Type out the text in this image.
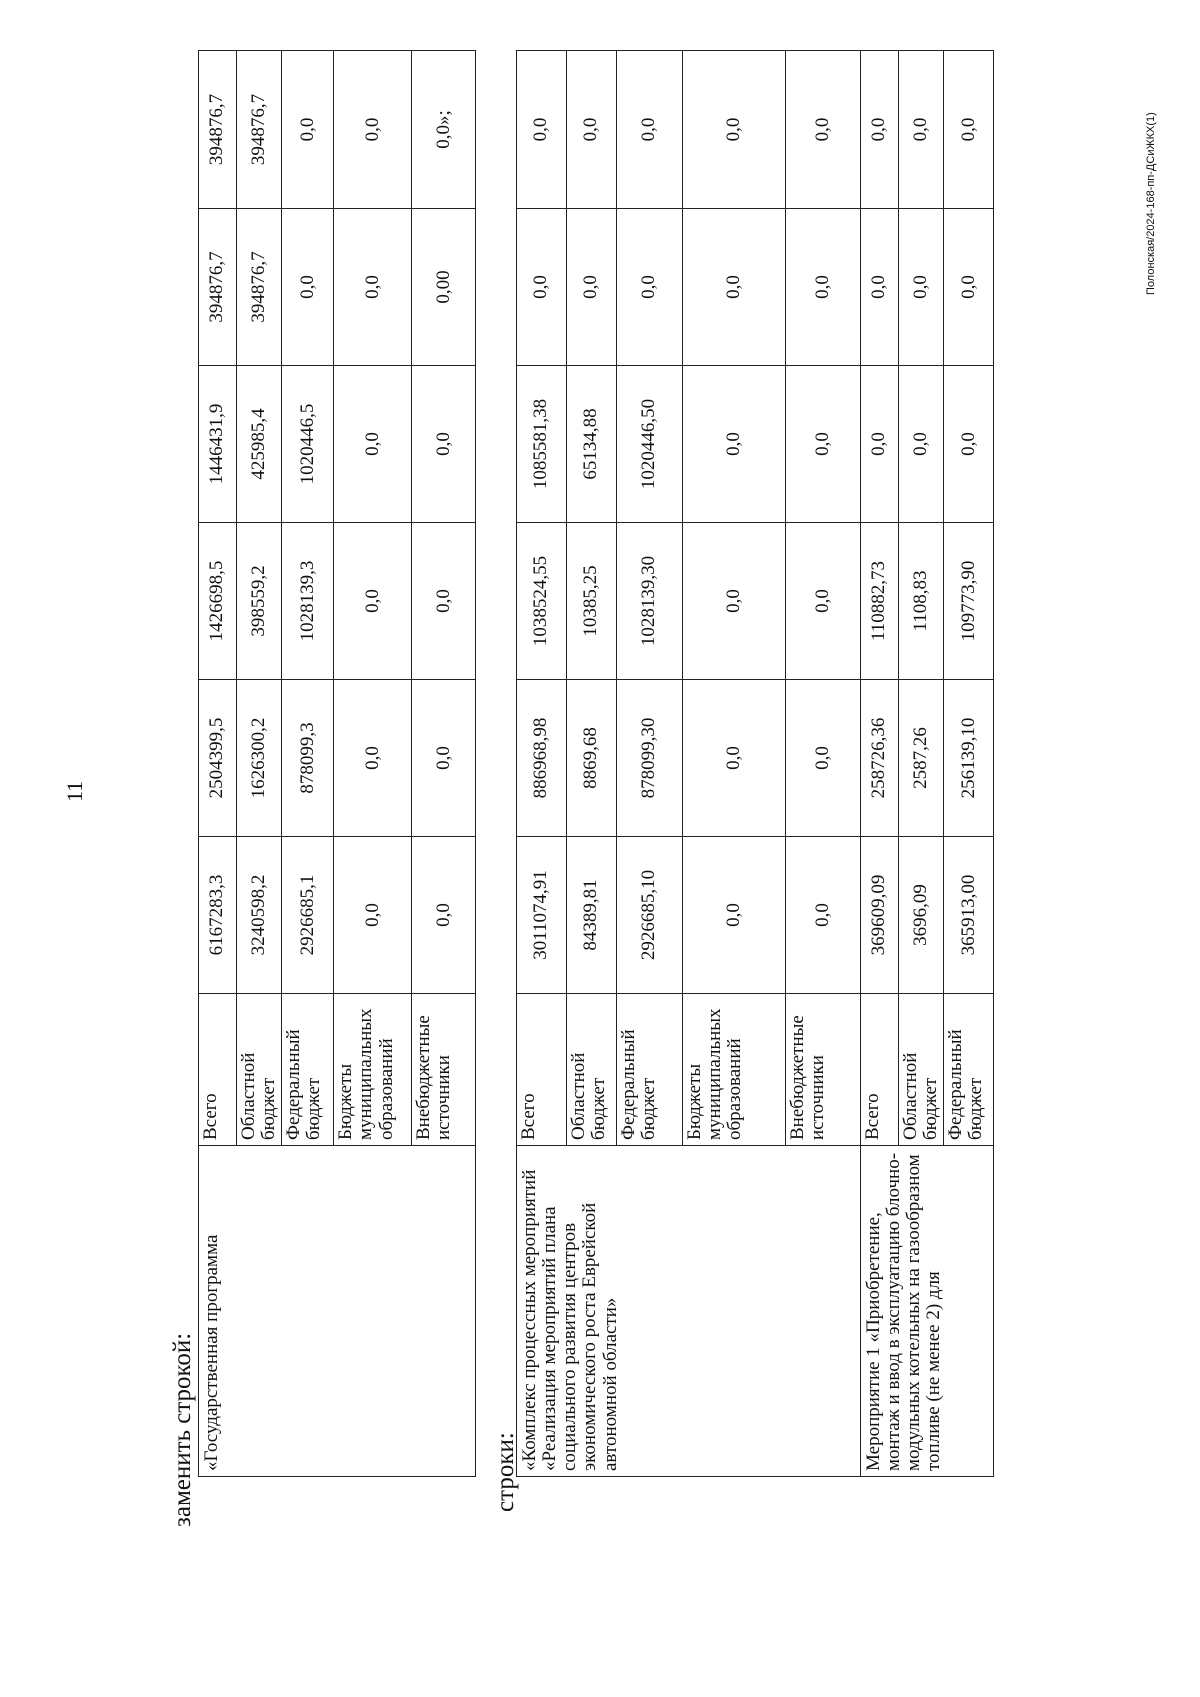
11
заменить строкой: «Государственная программа	Всего	6167283,3	2504399,5	1426698,5	1446431,9	394876,7	394876,7
	Областной бюджет	3240598,2	1626300,2	398559,2	425985,4	394876,7	394876,7
	Федеральный бюджет	2926685,1	878099,3	1028139,3	1020446,5	0,0	0,0
	Бюджеты муниципальных образований	0,0	0,0	0,0	0,0	0,0	0,0
	Внебюджетные источники	0,0	0,0	0,0	0,0	0,00	0,0»;
строки:
«Комплекс процессных мероприятий «Реализация мероприятий плана социального развития центров экономического роста Еврейской автономной области»	Всего	3011074,91	886968,98	1038524,55	1085581,38	0,0	0,0
	Областной бюджет	84389,81	8869,68	10385,25	65134,88	0,0	0,0
	Федеральный бюджет	2926685,10	878099,30	1028139,30	1020446,50	0,0	0,0
	Бюджеты муниципальных образований	0,0	0,0	0,0	0,0	0,0	0,0
	Внебюджетные источники	0,0	0,0	0,0	0,0	0,0	0,0
Мероприятие 1 «Приобретение, монтаж и ввод в эксплуатацию блочно-модульных котельных на газообразном топливе (не менее 2) для	Всего	369609,09	258726,36	110882,73	0,0	0,0	0,0
	Областной бюджет	3696,09	2587,26	1108,83	0,0	0,0	0,0
	Федеральный бюджет	365913,00	256139,10	109773,90	0,0	0,0	0,0	Полонская/2024-168-пп-ДСиЖКХ(1)
